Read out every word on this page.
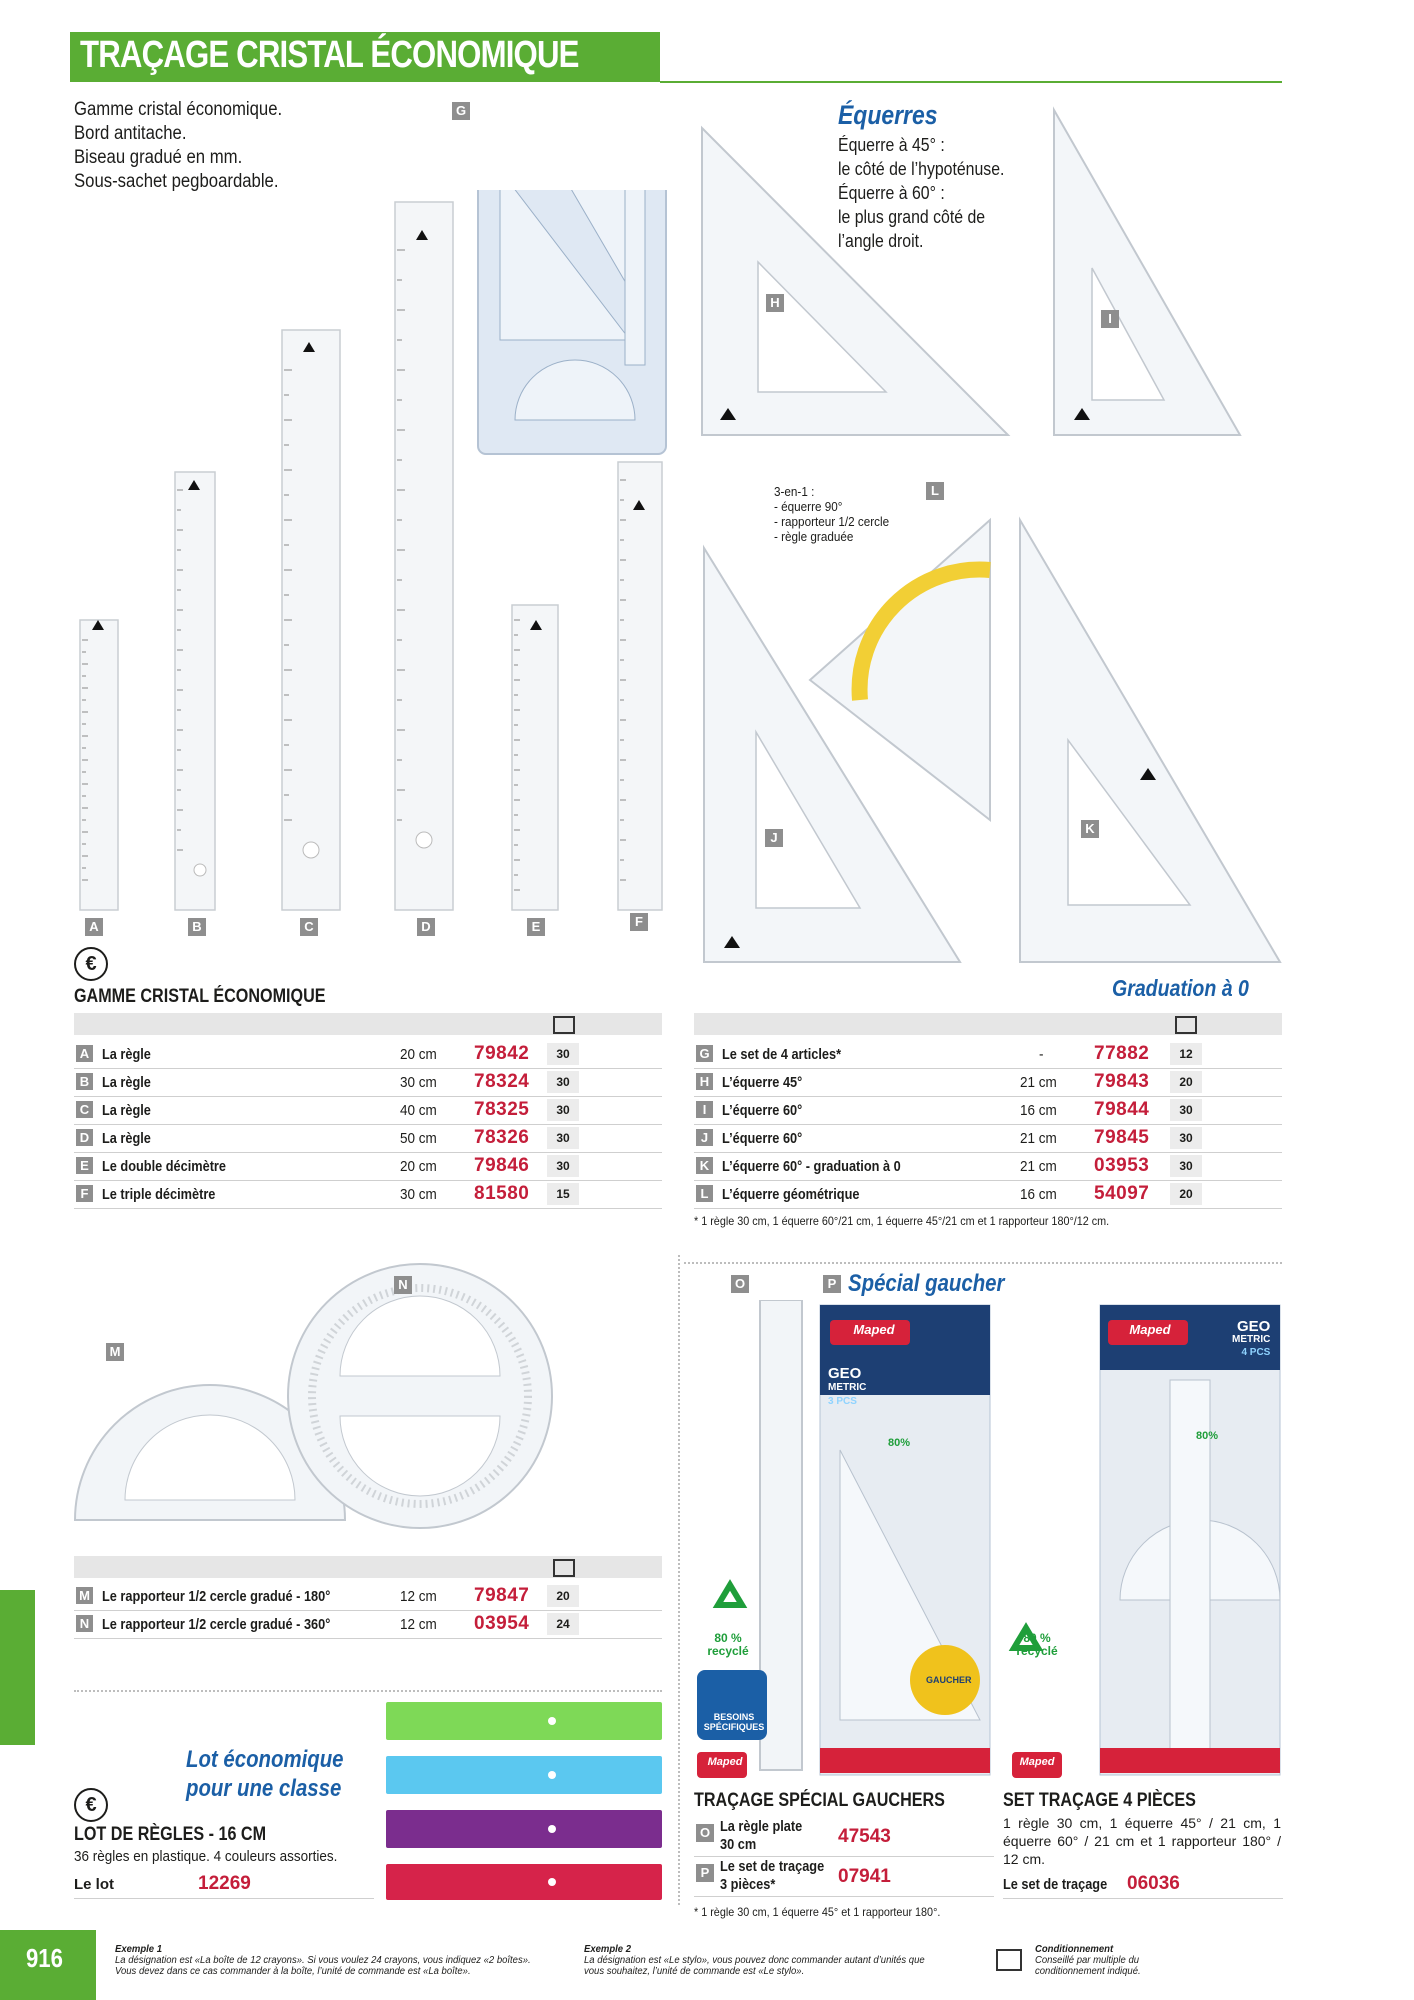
TRAÇAGE CRISTAL ÉCONOMIQUE
Gamme cristal économique.
Bord antitache.
Biseau gradué en mm.
Sous-sachet pegboardable.
A	B	C	D	E	F
G
H
I
J
K
L
Équerres
Équerre à 45° :
le côté de l’hypoténuse.
Équerre à 60° :
le plus grand côté de
l’angle droit.
3-en-1 :
- équerre 90°
- rapporteur 1/2 cercle
- règle graduée
€
GAMME CRISTAL ÉCONOMIQUE
A La règle	20 cm 79842	30
B La règle	30 cm 78324	30
C La règle	40 cm 78325	30
D La règle	50 cm 78326	30
E Le double décimètre	20 cm 79846	30
F Le triple décimètre	30 cm 81580	15
Graduation à 0
G Le set de 4 articles*	-	77882	12
H L’équerre 45°	21 cm 79843	20
I	L’équerre 60°	16 cm 79844	30
J L’équerre 60°	21 cm 79845	30
K L’équerre 60° - graduation à 0	21 cm 03953	30
L L’équerre géométrique	16 cm 54097	20
* 1 règle 30 cm, 1 équerre 60°/21 cm, 1 équerre 45°/21 cm et 1 rapporteur 180°/12 cm.
M
N
M Le rapporteur 1/2 cercle gradué - 180°	12 cm 79847	20
N Le rapporteur 1/2 cercle gradué - 360°	12 cm 03954	24
Lot économique
pour une classe
€
LOT DE RÈGLES - 16 CM
36 règles en plastique. 4 couleurs assorties.
Le lot	12269
P Spécial gaucher
O
80 %
recyclé
BESOINS
SPÉCIFIQUES
Maped
Maped
GEO
METRIC
3 PCS
80%
GAUCHER
80 %
recyclé
Maped
Maped	GEO
METRIC
4 PCS
80%
TRAÇAGE SPÉCIAL GAUCHERS
O La règle plate
30 cm	47543
P Le set de traçage
3 pièces*	07941
* 1 règle 30 cm, 1 équerre 45° et 1 rapporteur 180°.
SET TRAÇAGE 4 PIÈCES
1 règle 30 cm, 1 équerre 45° / 21 cm, 1 équerre 60° / 21 cm et 1 rapporteur 180° / 12 cm.
Le set de traçage 06036
916	Exemple 1
La désignation est «La boîte de 12 crayons». Si vous voulez 24 crayons, vous indiquez «2 boîtes».
Vous devez dans ce cas commander à la boîte, l’unité de commande est «La boîte».
Exemple 2
La désignation est «Le stylo», vous pouvez donc commander autant d’unités que
vous souhaitez, l’unité de commande est «Le stylo».
Conditionnement
Conseillé par multiple du
conditionnement indiqué.
